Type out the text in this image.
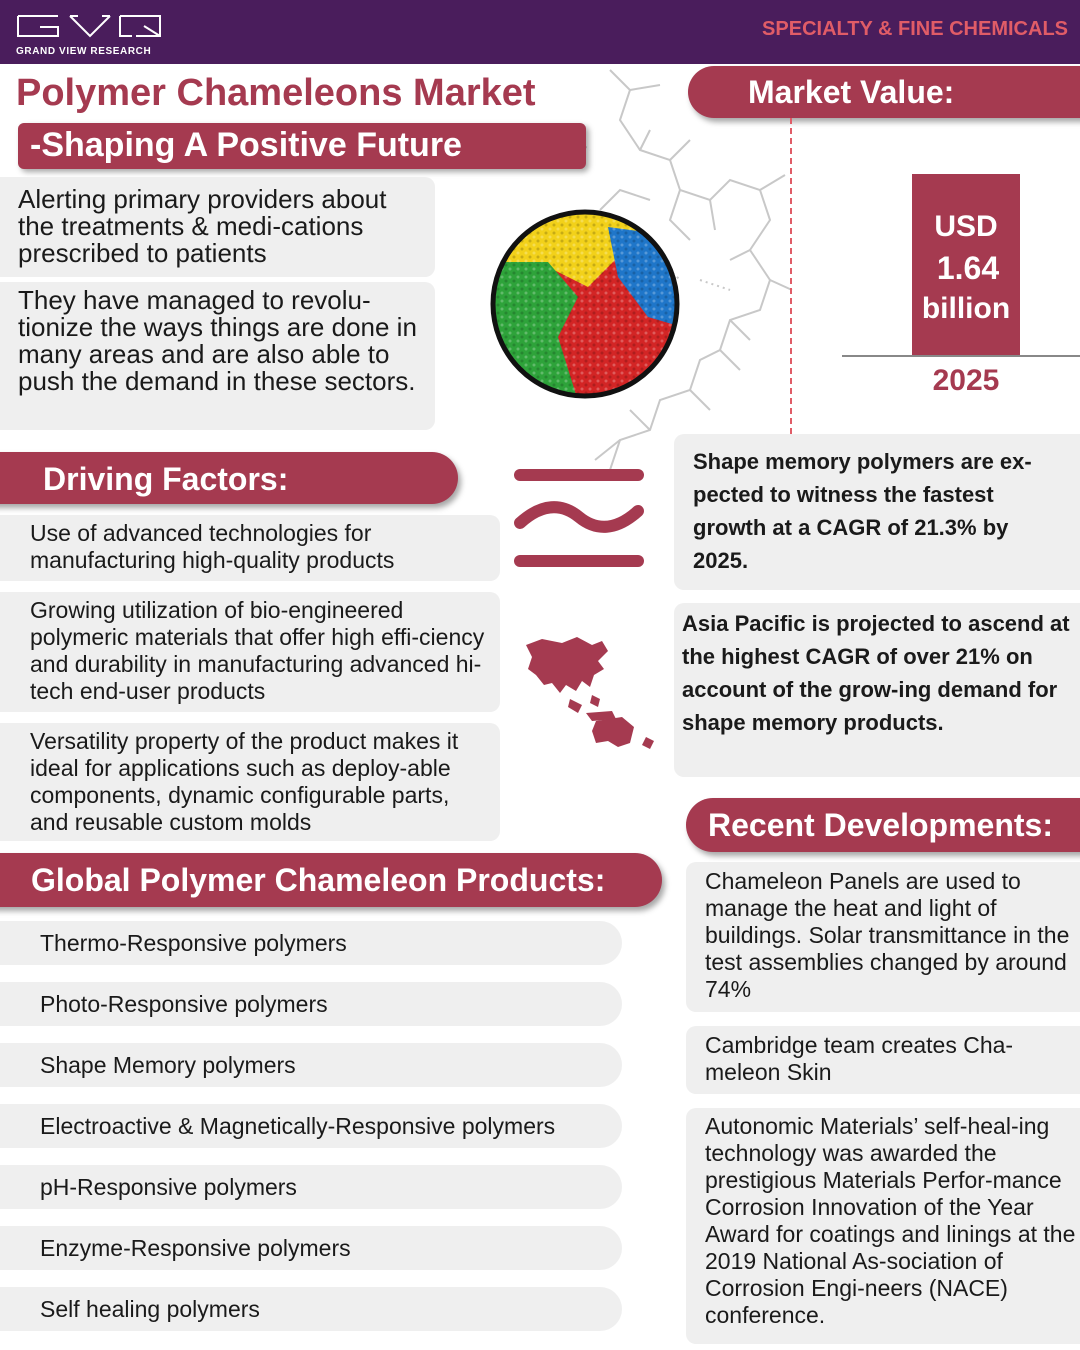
GRAND VIEW RESEARCH
SPECIALTY & FINE CHEMICALS
Polymer Chameleons Market
-Shaping A Positive Future
Alerting primary providers about the treatments & medi-cations prescribed to patients
They have managed to revolu-tionize the ways things are done in many areas and are also able to push the demand in these sectors.
Market Value:
USD
1.64
billion
2025
Driving Factors:
Use of advanced technologies for manufacturing high-quality products
Growing utilization of bio-engineered polymeric materials that offer high effi-ciency and durability in manufacturing advanced hi-tech end-user products
Versatility property of the product makes it ideal for applications such as deploy-able components, dynamic configurable parts, and reusable custom molds
Shape memory polymers are ex-pected to witness the fastest growth at a CAGR of 21.3% by 2025.
Asia Pacific is projected to ascend at the highest CAGR of over 21% on account of the grow-ing demand for shape memory products.
Global Polymer Chameleon Products:
Thermo-Responsive polymers
Photo-Responsive polymers
Shape Memory polymers
Electroactive & Magnetically-Responsive polymers
pH-Responsive polymers
Enzyme-Responsive polymers
Self healing polymers
Recent Developments:
Chameleon Panels are used to manage the heat and light of buildings. Solar transmittance in the test assemblies changed by around 74%
Cambridge team creates Cha-meleon Skin
Autonomic Materials’ self-heal-ing technology was awarded the prestigious Materials Perfor-mance Corrosion Innovation of the Year Award for coatings and linings at the 2019 National As-sociation of Corrosion Engi-neers (NACE) conference.
